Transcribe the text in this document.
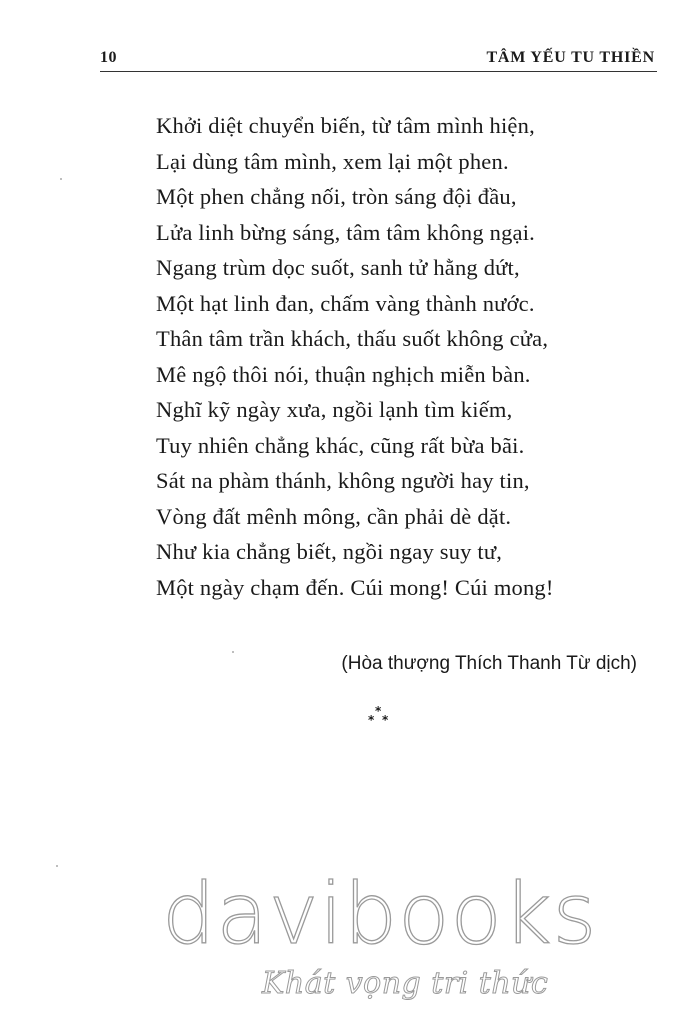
10	TÂM YẾU TU THIỀN
Khởi diệt chuyển biến, từ tâm mình hiện,
Lại dùng tâm mình, xem lại một phen.
Một phen chẳng nối, tròn sáng đội đầu,
Lửa linh bừng sáng, tâm tâm không ngại.
Ngang trùm dọc suốt, sanh tử hằng dứt,
Một hạt linh đan, chấm vàng thành nước.
Thân tâm trần khách, thấu suốt không cửa,
Mê ngộ thôi nói, thuận nghịch miễn bàn.
Nghĩ kỹ ngày xưa, ngồi lạnh tìm kiếm,
Tuy nhiên chẳng khác, cũng rất bừa bãi.
Sát na phàm thánh, không người hay tin,
Vòng đất mênh mông, cần phải dè dặt.
Như kia chẳng biết, ngồi ngay suy tư,
Một ngày chạm đến. Cúi mong! Cúi mong!
(Hòa thượng Thích Thanh Từ dịch)
*
* *
davibooks
Khát vọng tri thức
